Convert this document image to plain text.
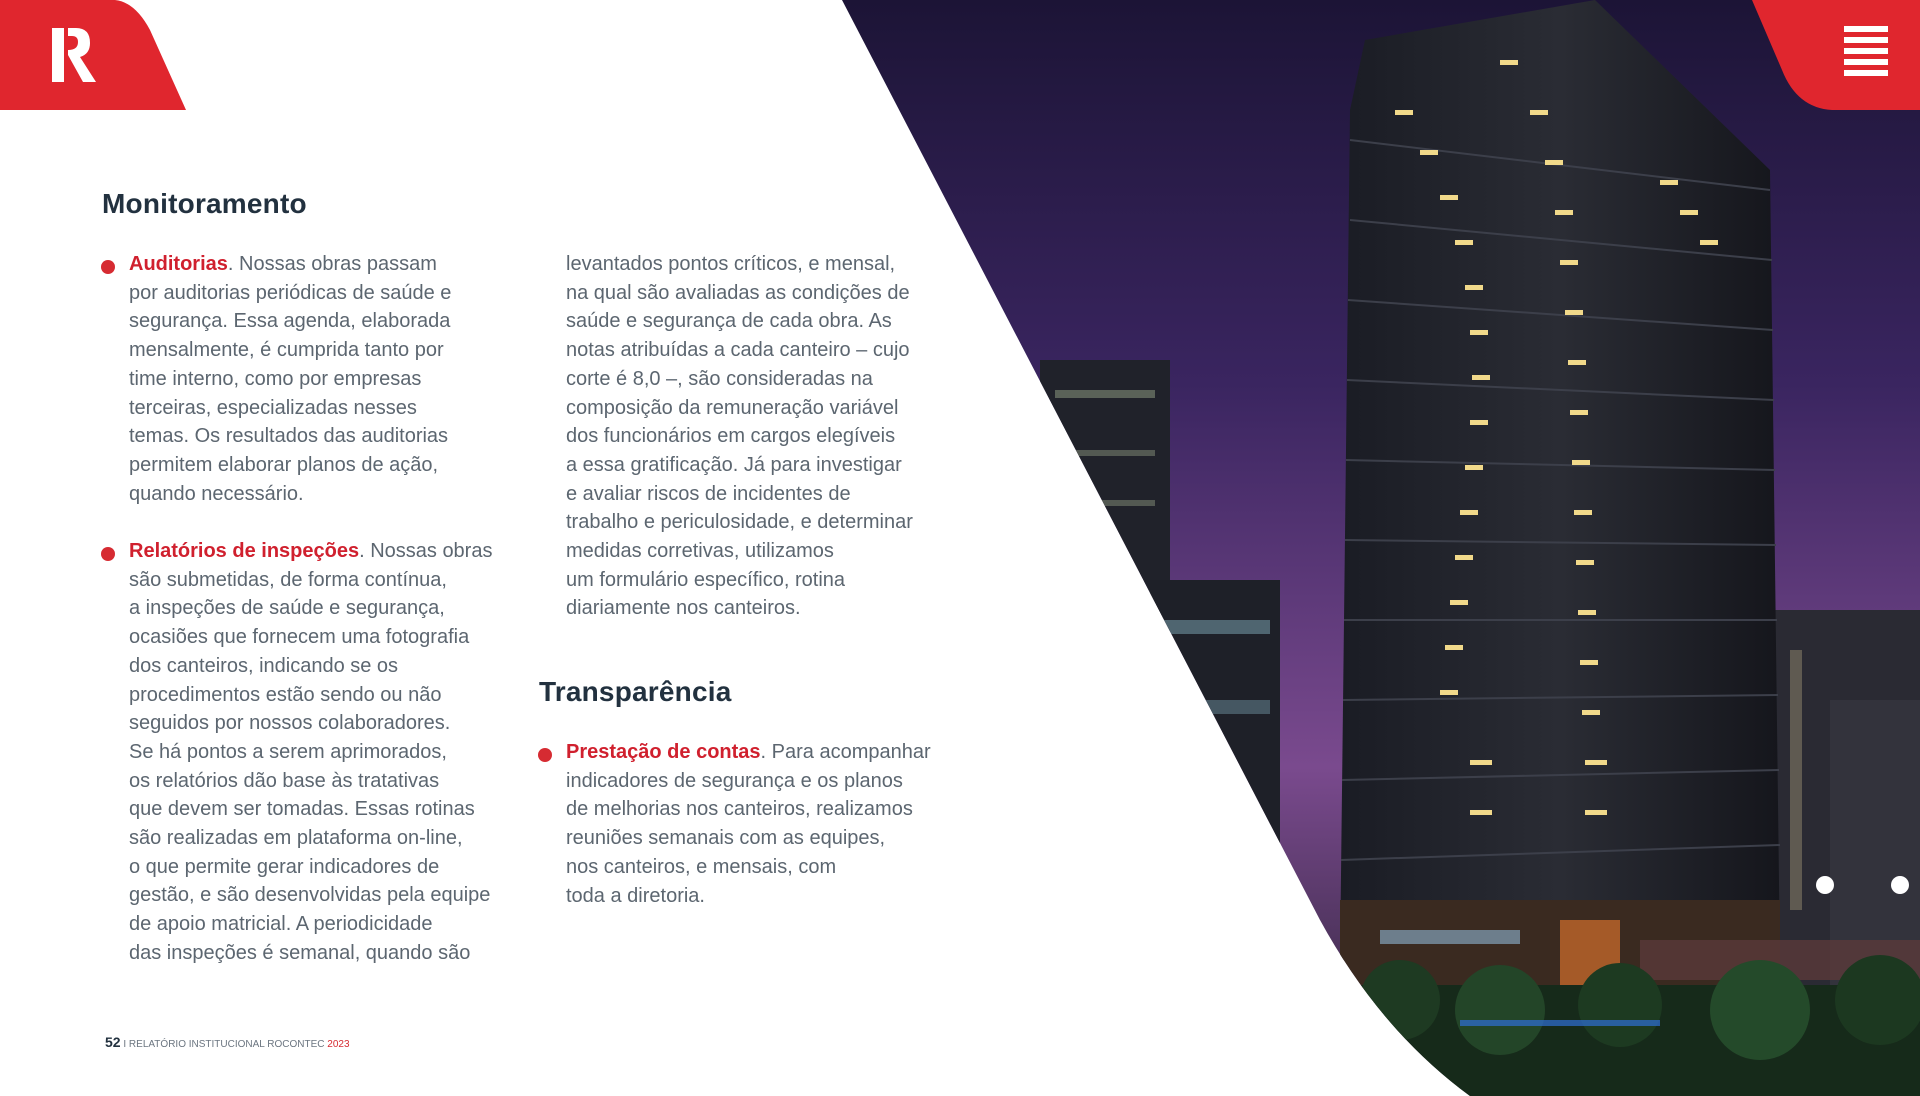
Monitoramento

Auditorias. Nossas obras passam
por auditorias periódicas de saúde e
segurança. Essa agenda, elaborada
mensalmente, é cumprida tanto por
time interno, como por empresas
terceiras, especializadas nesses
temas. Os resultados das auditorias
permitem elaborar planos de ação,
quando necessário.

Relatórios de inspeções. Nossas obras
são submetidas, de forma contínua,
a inspeções de saúde e segurança,
ocasiões que fornecem uma fotografia
dos canteiros, indicando se os
procedimentos estão sendo ou não
seguidos por nossos colaboradores.
Se há pontos a serem aprimorados,
os relatórios dão base às tratativas
que devem ser tomadas. Essas rotinas
são realizadas em plataforma on-line,
o que permite gerar indicadores de
gestão, e são desenvolvidas pela equipe
de apoio matricial. A periodicidade
das inspeções é semanal, quando são

levantados pontos críticos, e mensal,
na qual são avaliadas as condições de
saúde e segurança de cada obra. As
notas atribuídas a cada canteiro – cujo
corte é 8,0 –, são consideradas na
composição da remuneração variável
dos funcionários em cargos elegíveis
a essa gratificação. Já para investigar
e avaliar riscos de incidentes de
trabalho e periculosidade, e determinar
medidas corretivas, utilizamos
um formulário específico, rotina
diariamente nos canteiros.

Transparência

Prestação de contas. Para acompanhar
indicadores de segurança e os planos
de melhorias nos canteiros, realizamos
reuniões semanais com as equipes,
nos canteiros, e mensais, com
toda a diretoria.

52 I RELATÓRIO INSTITUCIONAL ROCONTEC 2023
